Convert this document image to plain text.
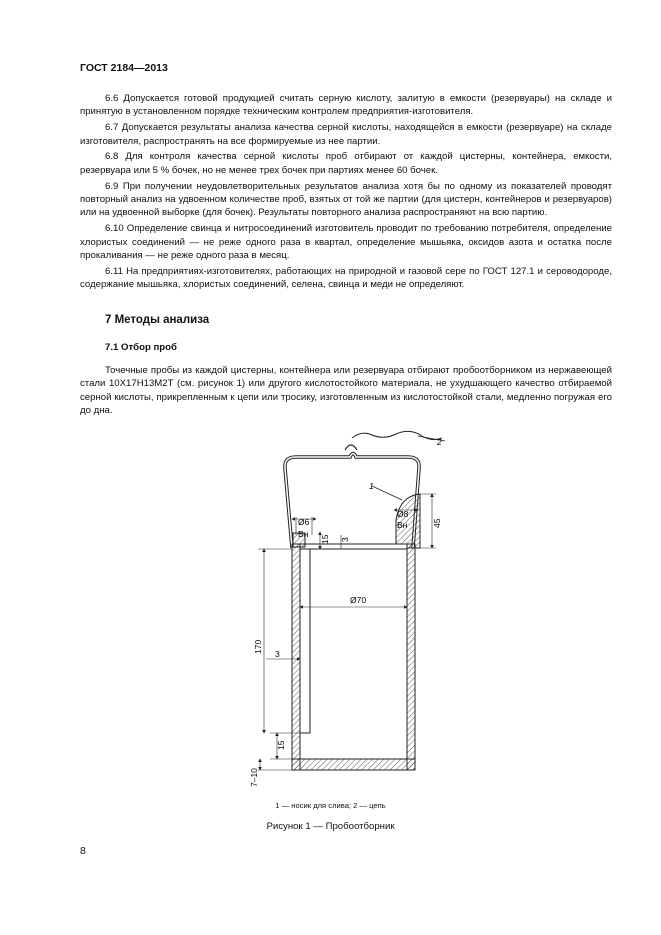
ГОСТ 2184—2013

6.6 Допускается готовой продукцией считать серную кислоту, залитую в емкости (резервуары) на складе и принятую в установленном порядке техническим контролем предприятия-изготовителя.

6.7 Допускается результаты анализа качества серной кислоты, находящейся в емкости (резервуаре) на складе изготовителя, распространять на все формируемые из нее партии.

6.8 Для контроля качества серной кислоты проб отбирают от каждой цистерны, контейнера, емкости, резервуара или 5 % бочек, но не менее трех бочек при партиях менее 60 бочек.

6.9 При получении неудовлетворительных результатов анализа хотя бы по одному из показателей проводят повторный анализ на удвоенном количестве проб, взятых от той же партии (для цистерн, контейнеров и резервуаров) или на удвоенной выборке (для бочек). Результаты повторного анализа распространяют на всю партию.

6.10 Определение свинца и нитросоединений изготовитель проводит по требованию потребителя, определение хлористых соединений — не реже одного раза в квартал, определение мышьяка, оксидов азота и остатка после прокаливания — не реже одного раза в месяц.

6.11 На предприятиях-изготовителях, работающих на природной и газовой сере по ГОСТ 127.1 и сероводороде, содержание мышьяка, хлористых соединений, селена, свинца и меди не определяют.

7 Методы анализа
7.1 Отбор проб

Точечные пробы из каждой цистерны, контейнера или резервуара отбирают пробоотборником из нержавеющей стали 10Х17Н13М2Т (см. рисунок 1) или другого кислотостойкого материала, не ухудшающего качество отбираемой серной кислоты, прикрепленным к цепи или тросику, изготовленным из кислотостойкой стали, медленно погружая его до дна.

2
1
Ø6
Вн
Ø8
Вн
15 3
45
Ø70
170
15
3
7–10
1 — носик для слива; 2 — цепь
Рисунок 1 — Пробоотборник
8
